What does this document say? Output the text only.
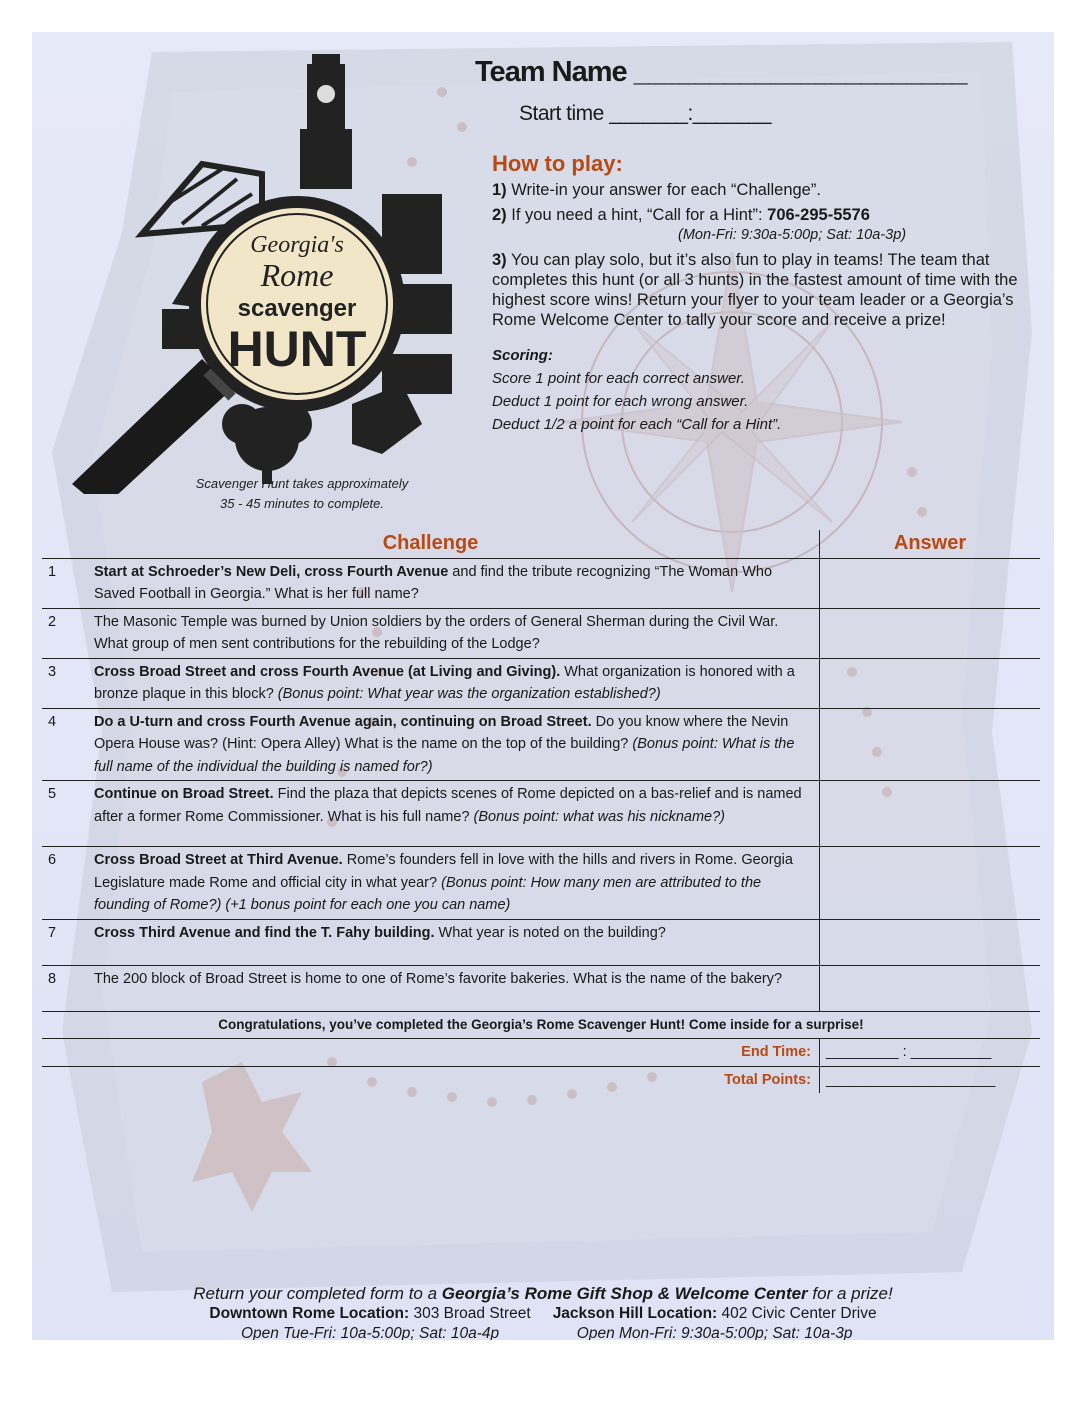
Georgia's
Rome
scavenger
HUNT
Scavenger Hunt takes approximately
35 - 45 minutes to complete.
Team Name ______________________
Start time _______:_______
How to play:

1) Write-in your answer for each “Challenge”.

2) If you need a hint, “Call for a Hint”: 706-295-5576
(Mon-Fri: 9:30a-5:00p; Sat: 10a-3p)

3) You can play solo, but it’s also fun to play in teams! The team that completes this hunt (or all 3 hunts) in the fastest amount of time with the highest score wins! Return your flyer to your team leader or a Georgia’s Rome Welcome Center to tally your score and receive a prize!

Scoring:
Score 1 point for each correct answer.
Deduct 1 point for each wrong answer.
Deduct 1/2 a point for each “Call for a Hint”.
Challenge		Answer
1	Start at Schroeder’s New Deli, cross Fourth Avenue and find the tribute recognizing “The Woman Who Saved Football in Georgia.” What is her full name?	
2	The Masonic Temple was burned by Union soldiers by the orders of General Sherman during the Civil War. What group of men sent contributions for the rebuilding of the Lodge?	
3	Cross Broad Street and cross Fourth Avenue (at Living and Giving). What organization is honored with a bronze plaque in this block? (Bonus point: What year was the organization established?)	
4	Do a U-turn and cross Fourth Avenue again, continuing on Broad Street. Do you know where the Nevin Opera House was? (Hint: Opera Alley) What is the name on the top of the building? (Bonus point: What is the full name of the individual the building is named for?)	
5	Continue on Broad Street. Find the plaza that depicts scenes of Rome depicted on a bas-relief and is named after a former Rome Commissioner. What is his full name? (Bonus point: what was his nickname?)	
6	Cross Broad Street at Third Avenue. Rome’s founders fell in love with the hills and rivers in Rome. Georgia Legislature made Rome and official city in what year? (Bonus point: How many men are attributed to the founding of Rome?) (+1 bonus point for each one you can name)	
7	Cross Third Avenue and find the T. Fahy building. What year is noted on the building?	
8	The 200 block of Broad Street is home to one of Rome’s favorite bakeries. What is the name of the bakery?	
Congratulations, you’ve completed the Georgia’s Rome Scavenger Hunt! Come inside for a surprise!		
End Time:		_________ : __________
Total Points:		_____________________
Return your completed form to a Georgia’s Rome Gift Shop & Welcome Center for a prize!
Downtown Rome Location: 303 Broad Street
Open Tue-Fri: 10a-5:00p; Sat: 10a-4p
Jackson Hill Location: 402 Civic Center Drive
Open Mon-Fri: 9:30a-5:00p; Sat: 10a-3p
